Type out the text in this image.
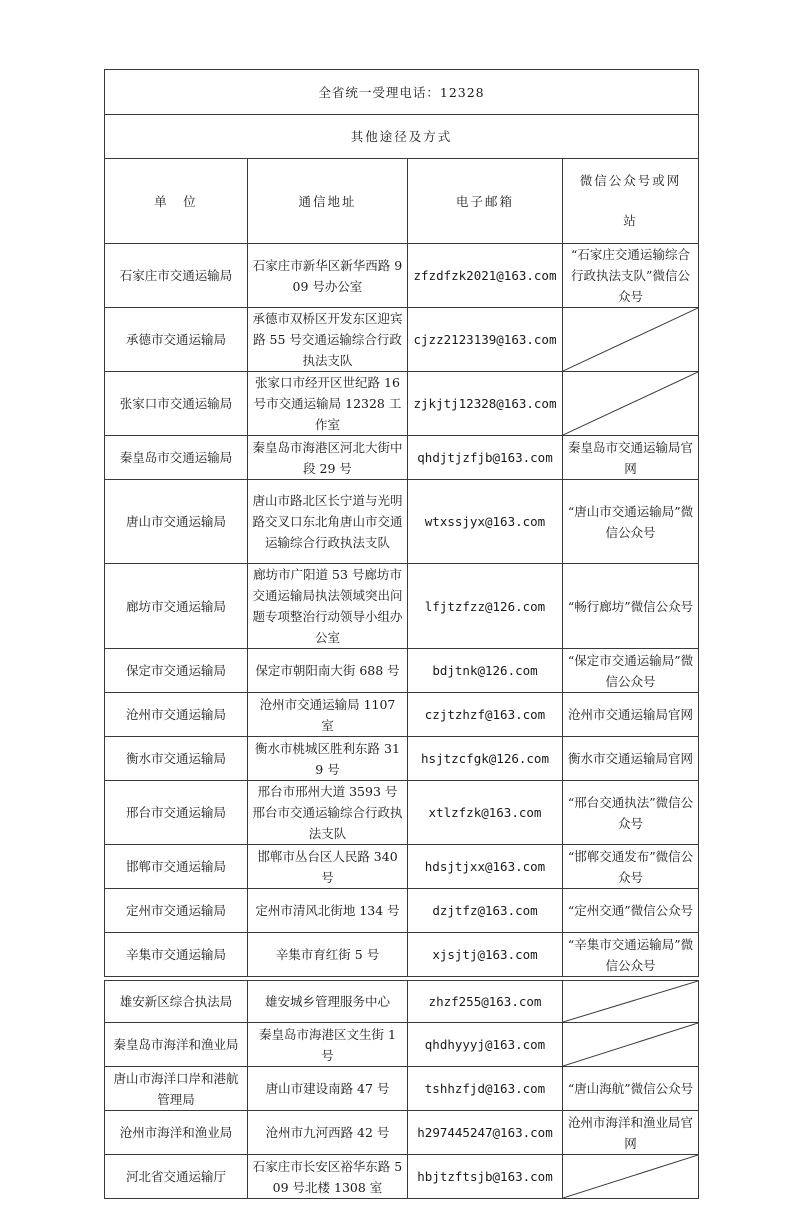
全省统一受理电话：12328			
其他途径及方式			
单　位	通信地址	电子邮箱	微信公众号或网站
石家庄市交通运输局	石家庄市新华区新华西路 909 号办公室	zfzdfzk2021@163.com	“石家庄交通运输综合行政执法支队”微信公众号
承德市交通运输局	承德市双桥区开发东区迎宾路 55 号交通运输综合行政执法支队	cjzz2123139@163.com	

张家口市交通运输局	张家口市经开区世纪路 16 号市交通运输局 12328 工作室	zjkjtj12328@163.com	

秦皇岛市交通运输局	秦皇岛市海港区河北大街中段 29 号	qhdjtjzfjb@163.com	秦皇岛市交通运输局官网
唐山市交通运输局	唐山市路北区长宁道与光明路交叉口东北角唐山市交通运输综合行政执法支队	wtxssjyx@163.com	“唐山市交通运输局”微信公众号
廊坊市交通运输局	廊坊市广阳道 53 号廊坊市交通运输局执法领域突出问题专项整治行动领导小组办公室	lfjtzfzz@126.com	“畅行廊坊”微信公众号
保定市交通运输局	保定市朝阳南大街 688 号	bdjtnk@126.com	“保定市交通运输局”微信公众号
沧州市交通运输局	沧州市交通运输局 1107 室	czjtzhzf@163.com	沧州市交通运输局官网
衡水市交通运输局	衡水市桃城区胜利东路 319 号	hsjtzcfgk@126.com	衡水市交通运输局官网
邢台市交通运输局	邢台市邢州大道 3593 号邢台市交通运输综合行政执法支队	xtlzfzk@163.com	“邢台交通执法”微信公众号
邯郸市交通运输局	邯郸市丛台区人民路 340 号	hdsjtjxx@163.com	“邯郸交通发布”微信公众号
定州市交通运输局	定州市清风北街地 134 号	dzjtfz@163.com	“定州交通”微信公众号
辛集市交通运输局	辛集市育红街 5 号	xjsjtj@163.com	“辛集市交通运输局”微信公众号

雄安新区综合执法局	雄安城乡管理服务中心	zhzf255@163.com	

秦皇岛市海洋和渔业局	秦皇岛市海港区文生街 1 号	qhdhyyyj@163.com	

唐山市海洋口岸和港航管理局	唐山市建设南路 47 号	tshhzfjd@163.com	“唐山海航”微信公众号
沧州市海洋和渔业局	沧州市九河西路 42 号	h297445247@163.com	沧州市海洋和渔业局官网
河北省交通运输厅	石家庄市长安区裕华东路 509 号北楼 1308 室	hbjtzftsjb@163.com	
